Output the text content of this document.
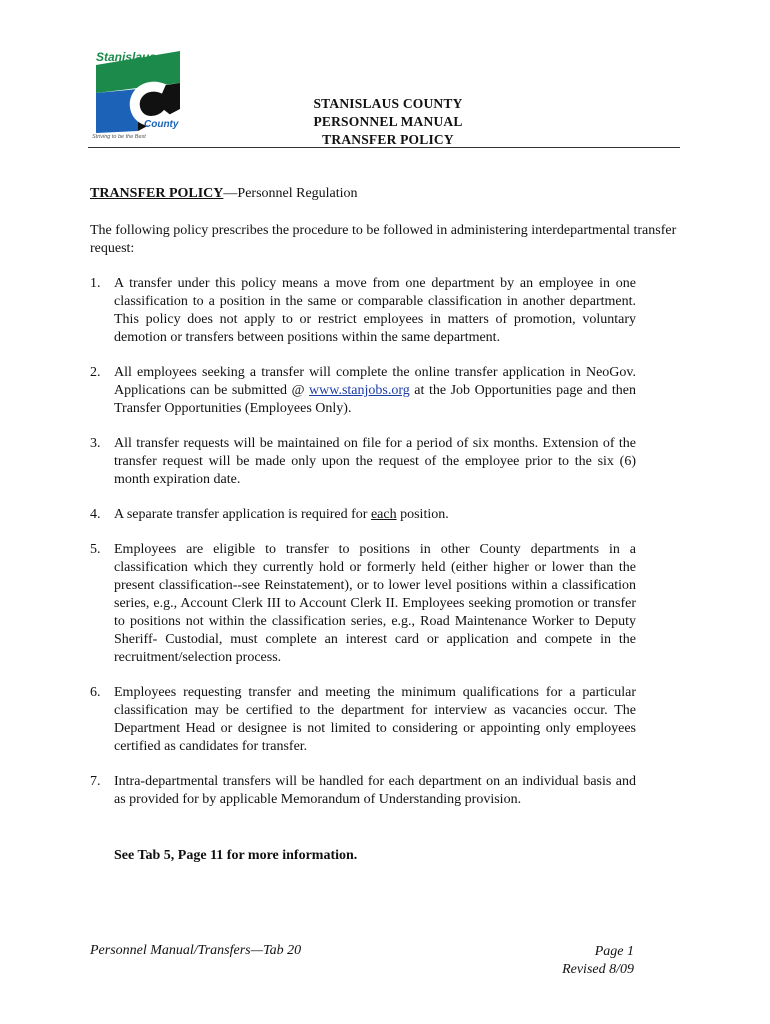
Stanislaus
County
Striving to be the Best
STANISLAUS COUNTY
PERSONNEL MANUAL
TRANSFER POLICY
TRANSFER POLICY—Personnel Regulation
The following policy prescribes the procedure to be followed in administering interdepartmental transfer request:
1. A transfer under this policy means a move from one department by an employee in one classification to a position in the same or comparable classification in another department. This policy does not apply to or restrict employees in matters of promotion, voluntary demotion or transfers between positions within the same department.
2. All employees seeking a transfer will complete the online transfer application in NeoGov. Applications can be submitted @ www.stanjobs.org at the Job Opportunities page and then Transfer Opportunities (Employees Only).
3. All transfer requests will be maintained on file for a period of six months. Extension of the transfer request will be made only upon the request of the employee prior to the six (6) month expiration date.
4. A separate transfer application is required for each position.
5. Employees are eligible to transfer to positions in other County departments in a classification which they currently hold or formerly held (either higher or lower than the present classification--see Reinstatement), or to lower level positions within a classification series, e.g., Account Clerk III to Account Clerk II. Employees seeking promotion or transfer to positions not within the classification series, e.g., Road Maintenance Worker to Deputy Sheriff- Custodial, must complete an interest card or application and compete in the recruitment/selection process.
6. Employees requesting transfer and meeting the minimum qualifications for a particular classification may be certified to the department for interview as vacancies occur. The Department Head or designee is not limited to considering or appointing only employees certified as candidates for transfer.
7. Intra-departmental transfers will be handled for each department on an individual basis and as provided for by applicable Memorandum of Understanding provision.
See Tab 5, Page 11 for more information.
Personnel Manual/Transfers—Tab 20	Page 1
Revised 8/09
